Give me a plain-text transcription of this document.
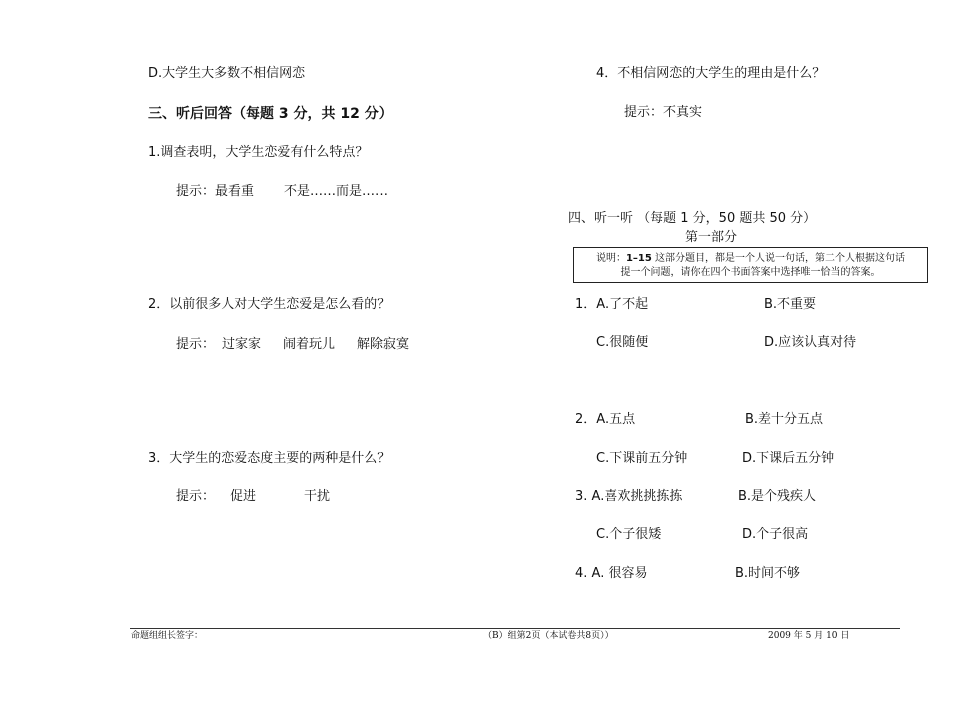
D.大学生大多数不相信网恋
三、听后回答（每题 3 分，共 12 分）
1.调查表明，大学生恋爱有什么特点？
提示：最看重 不是……而是……
2．以前很多人对大学生恋爱是怎么看的？
提示： 过家家 闹着玩儿 解除寂寞
3．大学生的恋爱态度主要的两种是什么？
提示： 促进	干扰
4．不相信网恋的大学生的理由是什么？
提示：不真实
四、听一听 （每题 1 分，50 题共 50 分）
第一部分
说明：1–15 这部分题目，都是一个人说一句话，第二个人根据这句话
提一个问题，请你在四个书面答案中选择唯一恰当的答案。
1．A.了不起	B.不重要
C.很随便	D.应该认真对待
2．A.五点	B.差十分五点
C.下课前五分钟	D.下课后五分钟
3. A.喜欢挑挑拣拣	B.是个残疾人
C.个子很矮	D.个子很高
4. A. 很容易	B.时间不够
命题组组长签字：	（B）组第2页（本试卷共8页））	2009 年 5 月 10 日
